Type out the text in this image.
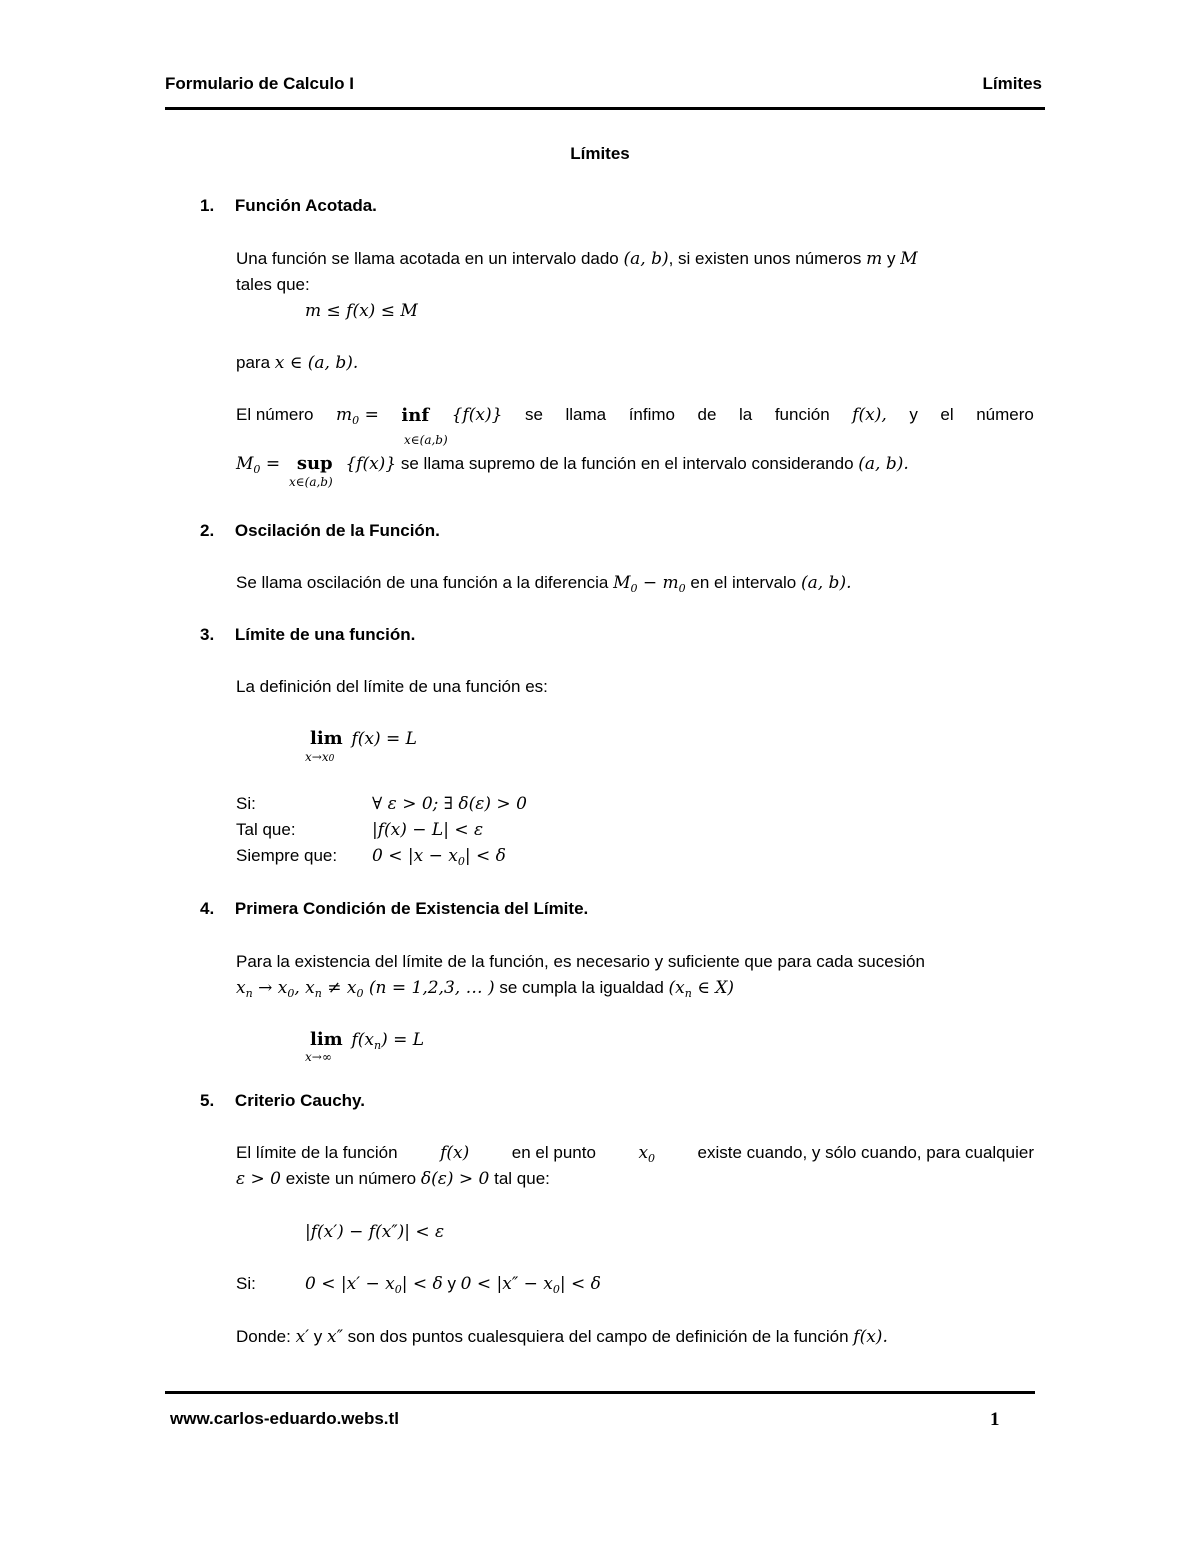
Formulario de Calculo I	Límites
Límites
1. Función Acotada.
Una función se llama acotada en un intervalo dado (a, b), si existen unos números m y M
tales que:
m ≤ f(x) ≤ M
para x ∈ (a, b).
El número $m_0$ = inf {f(x)} se llama ínfimo de la función f(x), y el número
x∈(a,b)
$M_0$ = sup {f(x)} se llama supremo de la función en el intervalo considerando (a, b).
x∈(a,b)
2. Oscilación de la Función.
Se llama oscilación de una función a la diferencia $M_0 - m_0$ en el intervalo (a, b).
3. Límite de una función.
La definición del límite de una función es:
lim f(x) = L
x→x0
Si:	∀ ε > 0; ∃ δ(ε) > 0
Tal que:	|f(x) − L| < ε
Siempre que: $0 < |x - x_0| < \delta$
4. Primera Condición de Existencia del Límite.
Para la existencia del límite de la función, es necesario y suficiente que para cada sucesión
$x_n \to x_0$, $x_n \ne x_0$ (n = 1,2,3, … ) se cumpla la igualdad ($x_n$ ∈ X)
$\lim f(x_n) = L$
x→∞
5. Criterio Cauchy.
El límite de la función	f(x)	en el punto	$x_0$	existe cuando, y sólo cuando, para cualquier
ε > 0 existe un número δ(ε) > 0 tal que:
|f(x′) − f(x″)| < ε
Si:	$0 < |x' - x_0| < \delta$ y $0 < |x'' - x_0| < \delta$
Donde: x′ y x″ son dos puntos cualesquiera del campo de definición de la función f(x).
www.carlos-eduardo.webs.tl	1
